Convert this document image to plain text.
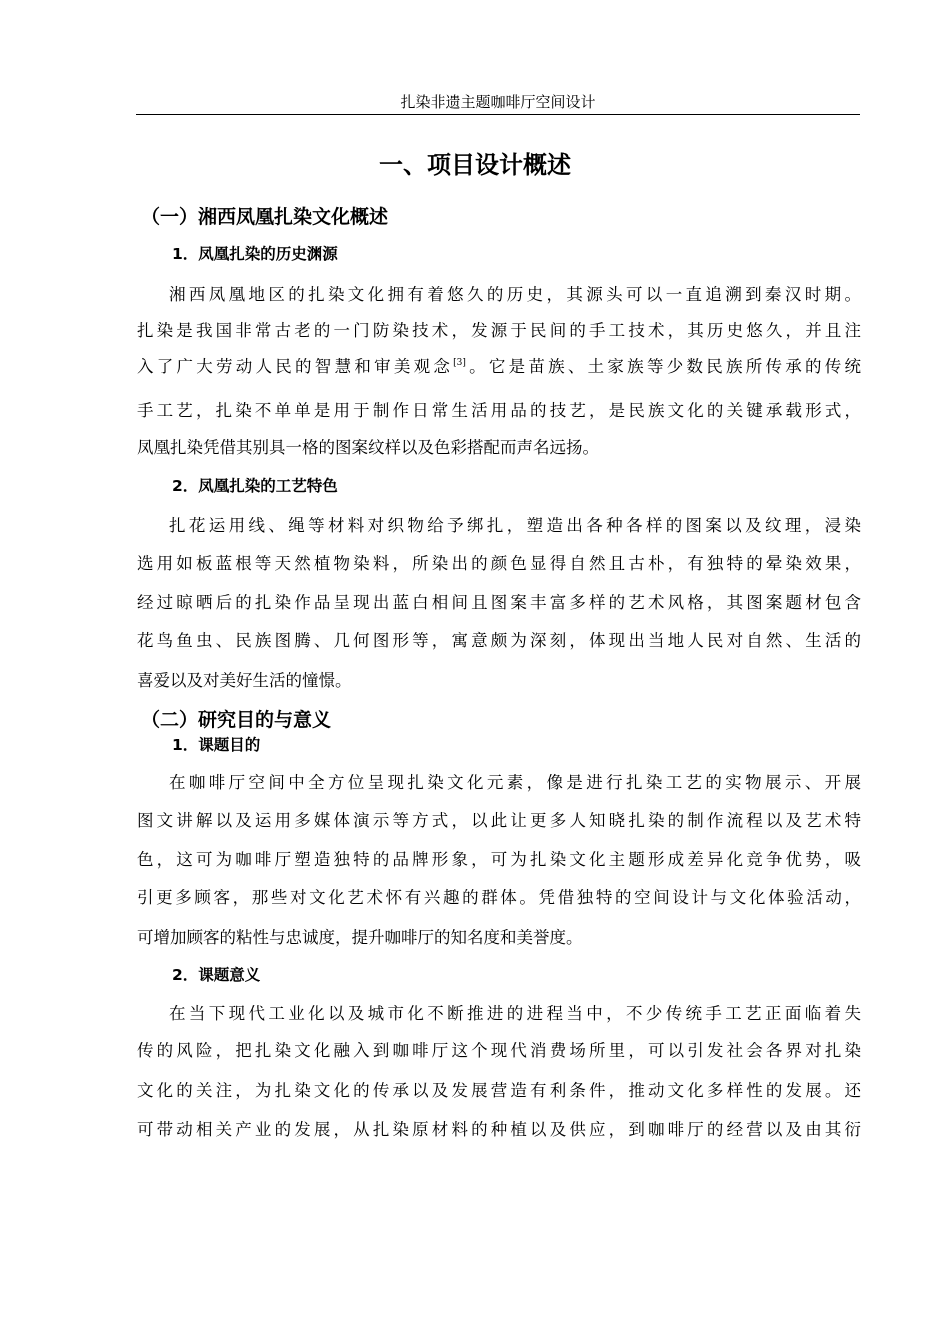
扎染非遗主题咖啡厅空间设计
一、项目设计概述
（一）湘西凤凰扎染文化概述
1．凤凰扎染的历史渊源
湘西凤凰地区的扎染文化拥有着悠久的历史，其源头可以一直追溯到秦汉时期。
扎染是我国非常古老的一门防染技术，发源于民间的手工技术，其历史悠久，并且注
入了广大劳动人民的智慧和审美观念[3]。它是苗族、土家族等少数民族所传承的传统
手工艺，扎染不单单是用于制作日常生活用品的技艺，是民族文化的关键承载形式，
凤凰扎染凭借其别具一格的图案纹样以及色彩搭配而声名远扬。
2．凤凰扎染的工艺特色
扎花运用线、绳等材料对织物给予绑扎，塑造出各种各样的图案以及纹理，浸染
选用如板蓝根等天然植物染料，所染出的颜色显得自然且古朴，有独特的晕染效果，
经过晾晒后的扎染作品呈现出蓝白相间且图案丰富多样的艺术风格，其图案题材包含
花鸟鱼虫、民族图腾、几何图形等，寓意颇为深刻，体现出当地人民对自然、生活的
喜爱以及对美好生活的憧憬。
（二）研究目的与意义
1．课题目的
在咖啡厅空间中全方位呈现扎染文化元素，像是进行扎染工艺的实物展示、开展
图文讲解以及运用多媒体演示等方式，以此让更多人知晓扎染的制作流程以及艺术特
色，这可为咖啡厅塑造独特的品牌形象，可为扎染文化主题形成差异化竞争优势，吸
引更多顾客，那些对文化艺术怀有兴趣的群体。凭借独特的空间设计与文化体验活动，
可增加顾客的粘性与忠诚度，提升咖啡厅的知名度和美誉度。
2．课题意义
在当下现代工业化以及城市化不断推进的进程当中，不少传统手工艺正面临着失
传的风险，把扎染文化融入到咖啡厅这个现代消费场所里，可以引发社会各界对扎染
文化的关注，为扎染文化的传承以及发展营造有利条件，推动文化多样性的发展。还
可带动相关产业的发展，从扎染原材料的种植以及供应，到咖啡厅的经营以及由其衍
